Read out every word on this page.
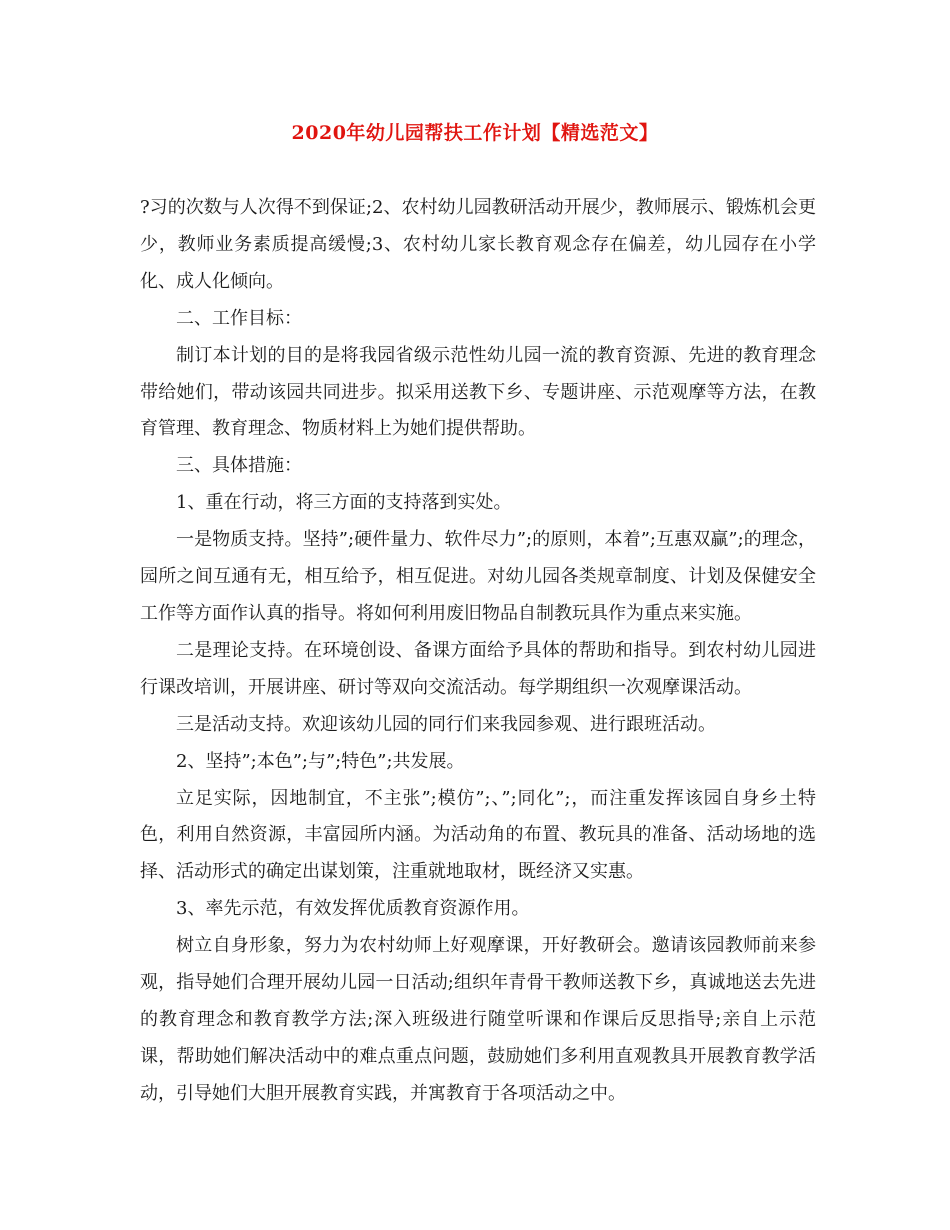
2020年幼儿园帮扶工作计划【精选范文】

?习的次数与人次得不到保证;2、农村幼儿园教研活动开展少，教师展示、锻炼机会更少，教师业务素质提高缓慢;3、农村幼儿家长教育观念存在偏差，幼儿园存在小学化、成人化倾向。

二、工作目标：

制订本计划的目的是将我园省级示范性幼儿园一流的教育资源、先进的教育理念带给她们，带动该园共同进步。拟采用送教下乡、专题讲座、示范观摩等方法，在教育管理、教育理念、物质材料上为她们提供帮助。

三、具体措施：

1、重在行动，将三方面的支持落到实处。

一是物质支持。坚持”;硬件量力、软件尽力”;的原则，本着”;互惠双赢”;的理念，园所之间互通有无，相互给予，相互促进。对幼儿园各类规章制度、计划及保健安全工作等方面作认真的指导。将如何利用废旧物品自制教玩具作为重点来实施。

二是理论支持。在环境创设、备课方面给予具体的帮助和指导。到农村幼儿园进行课改培训，开展讲座、研讨等双向交流活动。每学期组织一次观摩课活动。

三是活动支持。欢迎该幼儿园的同行们来我园参观、进行跟班活动。

2、坚持”;本色”;与”;特色”;共发展。

立足实际，因地制宜，不主张”;模仿”;、”;同化”;，而注重发挥该园自身乡土特色，利用自然资源，丰富园所内涵。为活动角的布置、教玩具的准备、活动场地的选择、活动形式的确定出谋划策，注重就地取材，既经济又实惠。

3、率先示范，有效发挥优质教育资源作用。

树立自身形象，努力为农村幼师上好观摩课，开好教研会。邀请该园教师前来参观，指导她们合理开展幼儿园一日活动;组织年青骨干教师送教下乡，真诚地送去先进的教育理念和教育教学方法;深入班级进行随堂听课和作课后反思指导;亲自上示范课，帮助她们解决活动中的难点重点问题，鼓励她们多利用直观教具开展教育教学活动，引导她们大胆开展教育实践，并寓教育于各项活动之中。
